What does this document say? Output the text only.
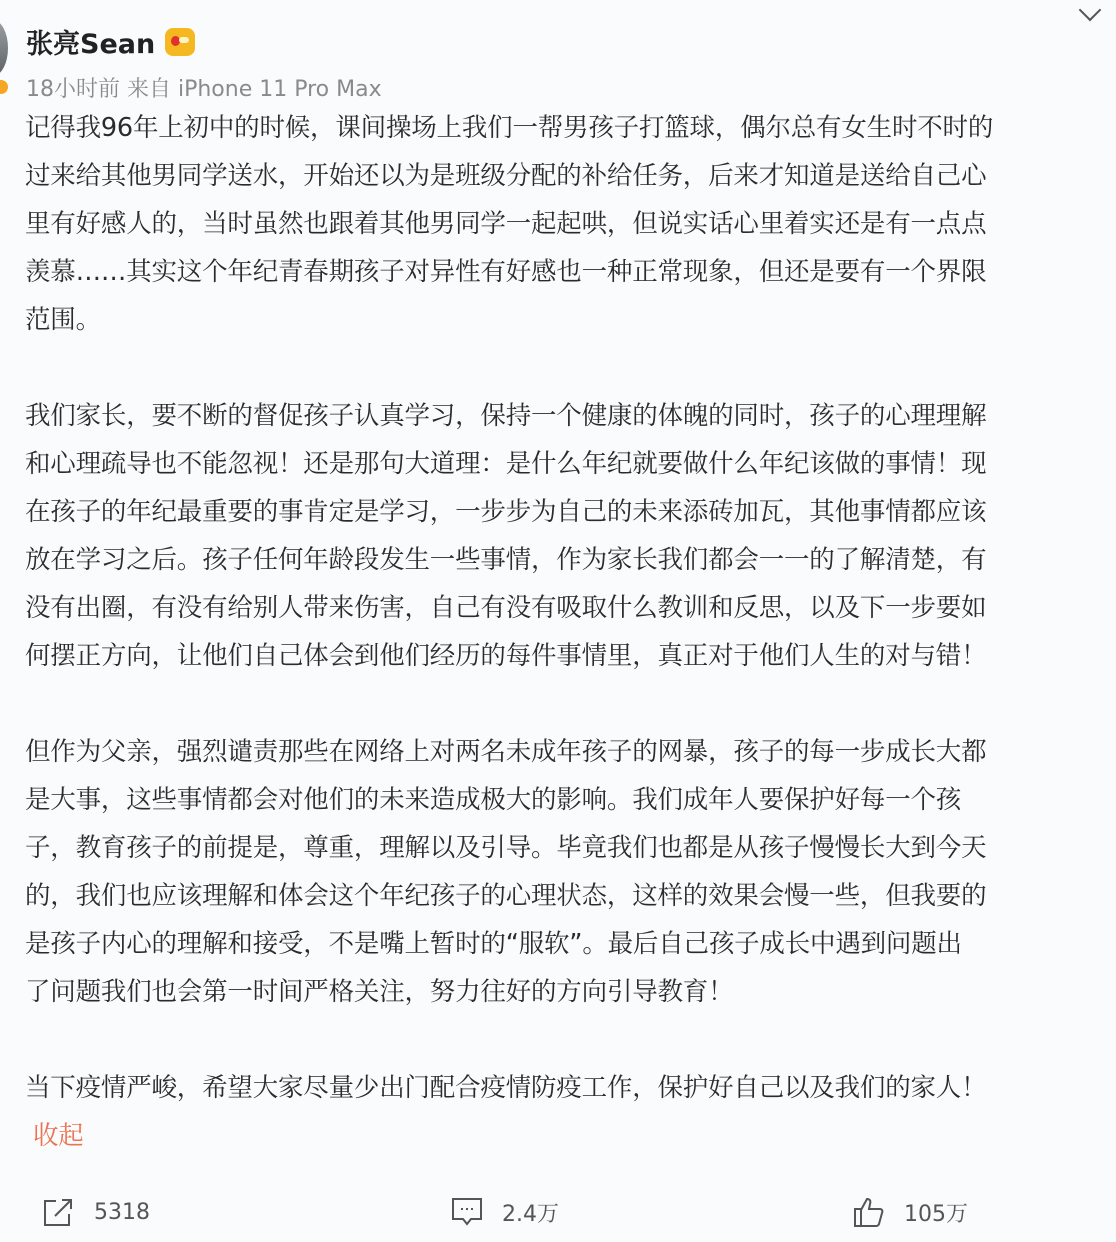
张亮Sean
18小时前 来自 iPhone 11 Pro Max
记得我96年上初中的时候，课间操场上我们一帮男孩子打篮球，偶尔总有女生时不时的
过来给其他男同学送水，开始还以为是班级分配的补给任务，后来才知道是送给自己心
里有好感人的，当时虽然也跟着其他男同学一起起哄，但说实话心里着实还是有一点点
羡慕……其实这个年纪青春期孩子对异性有好感也一种正常现象，但还是要有一个界限
范围。
我们家长，要不断的督促孩子认真学习，保持一个健康的体魄的同时，孩子的心理理解
和心理疏导也不能忽视！还是那句大道理：是什么年纪就要做什么年纪该做的事情！现
在孩子的年纪最重要的事肯定是学习，一步步为自己的未来添砖加瓦，其他事情都应该
放在学习之后。孩子任何年龄段发生一些事情，作为家长我们都会一一的了解清楚，有
没有出圈，有没有给别人带来伤害，自己有没有吸取什么教训和反思，以及下一步要如
何摆正方向，让他们自己体会到他们经历的每件事情里，真正对于他们人生的对与错！
但作为父亲，强烈谴责那些在网络上对两名未成年孩子的网暴，孩子的每一步成长大都
是大事，这些事情都会对他们的未来造成极大的影响。我们成年人要保护好每一个孩
子，教育孩子的前提是，尊重，理解以及引导。毕竟我们也都是从孩子慢慢长大到今天
的，我们也应该理解和体会这个年纪孩子的心理状态，这样的效果会慢一些，但我要的
是孩子内心的理解和接受，不是嘴上暂时的“服软”。最后自己孩子成长中遇到问题出
了问题我们也会第一时间严格关注，努力往好的方向引导教育！
当下疫情严峻，希望大家尽量少出门配合疫情防疫工作，保护好自己以及我们的家人！
收起
5318	2.4万	105万
